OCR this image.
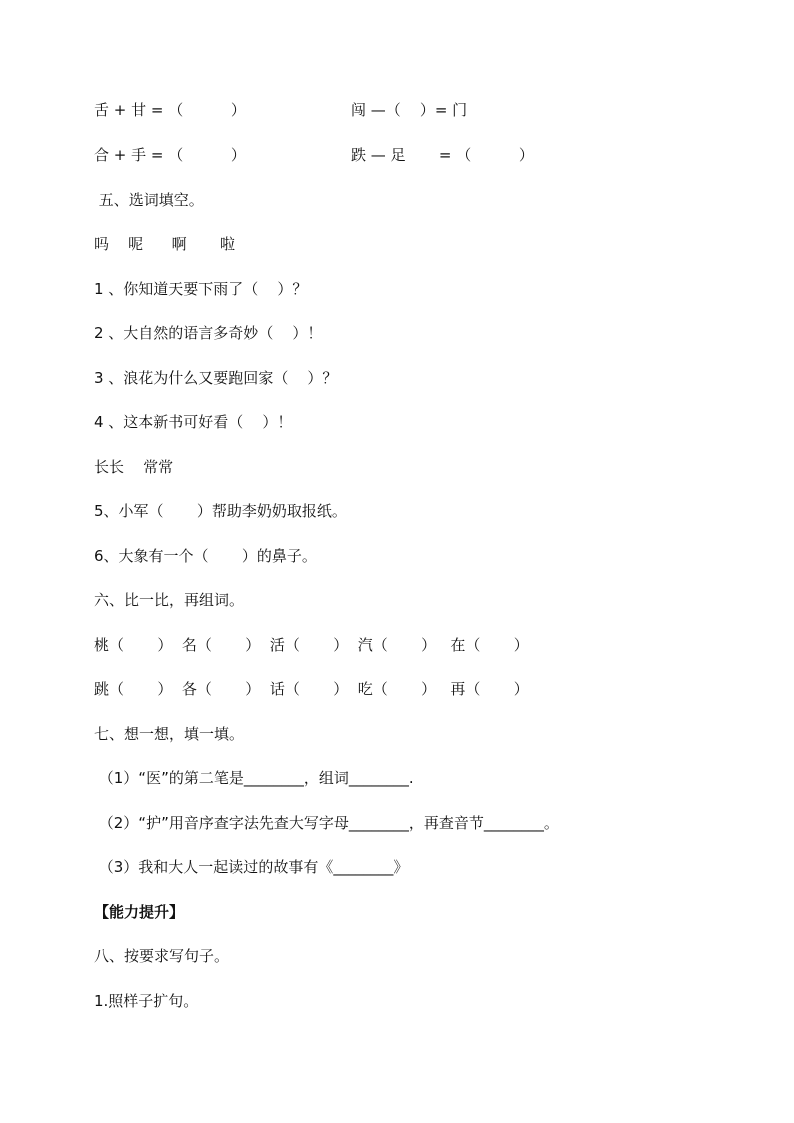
舌 + 甘 = （          ）	闯 —（    ）= 门
合 + 手 = （          ）	跌 — 足       = （          ）
五、选词填空。
吗    呢      啊       啦
1 、你知道天要下雨了（    ）？
2 、大自然的语言多奇妙（    ）！
3 、浪花为什么又要跑回家（    ）？
4 、这本新书可好看（    ）！
长长    常常
5、小军（       ）帮助李奶奶取报纸。
6、大象有一个（       ）的鼻子。
六、比一比，再组词。
桃（       ）  名（       ）  活（       ）  汽（       ）   在（       ）
跳（       ）  各（       ）  话（       ）  吃（       ）   再（       ）
七、想一想，填一填。
（1）“医”的第二笔是________，组词________.
（2）“护”用音序查字法先查大写字母________，再查音节________。
（3）我和大人一起读过的故事有《________》
【能力提升】
八、按要求写句子。
1.照样子扩句。
